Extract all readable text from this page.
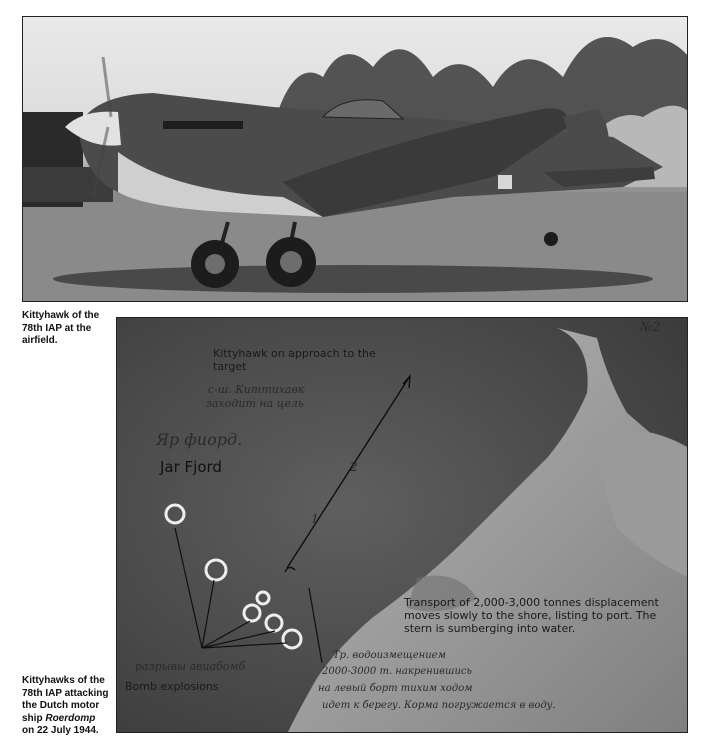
Kittyhawk of the 78th IAP at the airfield.
Kittyhawk on approach to the target
Jar Fjord
Transport of 2,000-3,000 tonnes displacement moves slowly to the shore, listing to port. The stern is sumberging into water.
Bomb explosions
№2
с-ш. Киттихавк
заходит на цель
Яр фиорд.
разрывы авиабомб
Тр. водоизмещением
2000-3000 т. накренившись
на левый борт тихим ходом
идет к берегу. Корма погружается в воду.
1
2
Kittyhawks of the 78th IAP attacking the Dutch motor ship Roerdomp on 22 July 1944.
